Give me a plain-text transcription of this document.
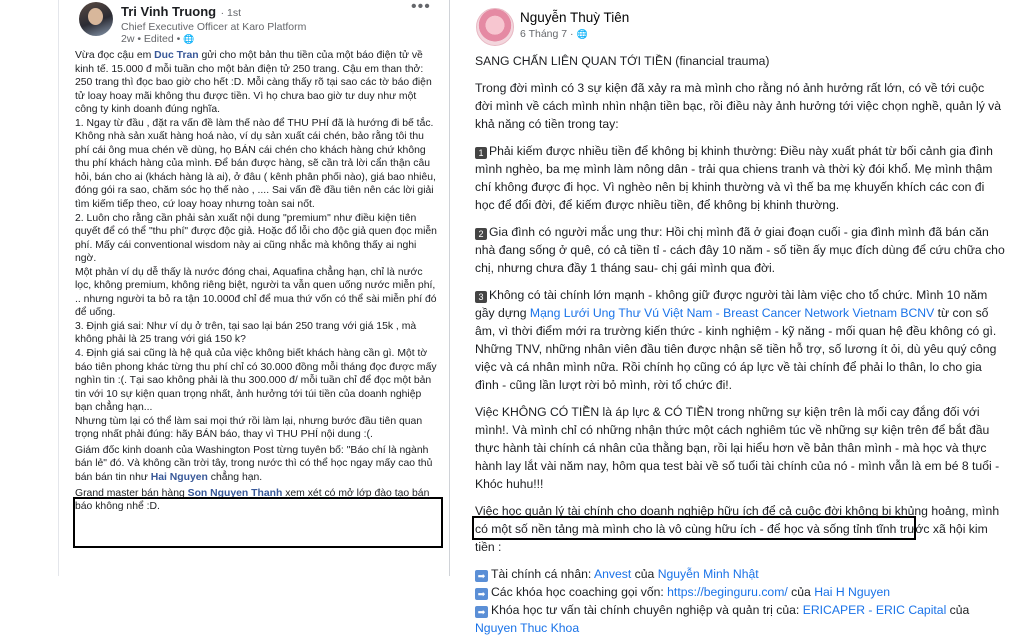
Tri Vinh Truong · 1st
Chief Executive Officer at Karo Platform
2w • Edited • 🌐
•••

Vừa đọc cậu em Duc Tran gửi cho một bản thu tiền của một báo điện tử về kinh tế. 15.000 đ mỗi tuần cho một bản điện tử 250 trang. Cậu em than thở: 250 trang thì đọc bao giờ cho hết :D. Mỗi càng thấy rõ tại sao các tờ báo điện tử loay hoay mãi không thu được tiền. Vì họ chưa bao giờ tư duy như một công ty kinh doanh đúng nghĩa.

1. Ngay từ đầu , đặt ra vấn đề làm thế nào để THU PHÍ đã là hướng đi bế tắc. Không nhà sản xuất hàng hoá nào, ví dụ sản xuất cái chén, bảo rằng tôi thu phí cái ông mua chén về dùng, họ BÁN cái chén cho khách hàng chứ không thu phí khách hàng của mình. Để bán được hàng, sẽ cần trả lời cẩn thận câu hỏi, bán cho ai (khách hàng là ai), ở đâu ( kênh phân phối nào), giá bao nhiêu, đóng gói ra sao, chăm sóc họ thế nào , .... Sai vấn đề đầu tiên nên các lời giải tìm kiếm tiếp theo, cứ loay hoay nhưng toàn sai nốt.

2. Luôn cho rằng cần phải sản xuất nội dung "premium" như điều kiện tiên quyết để có thể "thu phí" được độc giả. Hoặc đổ lỗi cho độc giả quen đọc miễn phí. Mấy cái conventional wisdom này ai cũng nhắc mà không thấy ai nghi ngờ.

Một phản ví dụ dễ thấy là nước đóng chai, Aquafina chẳng hạn, chỉ là nước lọc, không premium, không riêng biệt, người ta vẫn quen uống nước miễn phí, .. nhưng người ta bỏ ra tận 10.000đ chỉ để mua thứ vốn có thể sài miễn phí đó để uống.

3. Định giá sai: Như ví dụ ở trên, tại sao lại bán 250 trang với giá 15k , mà không phải là 25 trang với giá 150 k?

4. Định giá sai cũng là hệ quả của việc không biết khách hàng cần gì. Một tờ báo tiên phong khác từng thu phí chỉ có 30.000 đồng mỗi tháng đọc được mấy nghìn tin :(. Tại sao không phải là thu 300.000 đ/ mỗi tuần chỉ để đọc một bản tin với 10 sự kiện quan trọng nhất, ảnh hưởng tới túi tiền của doanh nghiệp bạn chẳng hạn...

Nhưng tùm lại có thể làm sai mọi thứ rồi làm lại, nhưng bước đầu tiên quan trọng nhất phải đúng: hãy BÁN báo, thay vì THU PHÍ nội dung :(.

Giám đốc kinh doanh của Washington Post từng tuyên bố: "Báo chí là ngành bán lẻ" đó. Và không cần trời tây, trong nước thì có thể học ngay mấy cao thủ bán bán tin như Hai Nguyen chẳng hạn.

Grand master bán hàng Son Nguyen Thanh xem xét có mở lớp đào tạo bán báo không nhể :D.

Nguyễn Thuỳ Tiên
6 Tháng 7 · 🌐

SANG CHẤN LIÊN QUAN TỚI TIỀN (financial trauma)

Trong đời mình có 3 sự kiện đã xảy ra mà mình cho rằng nó ảnh hưởng rất lớn, có về tới cuộc đời mình về cách mình nhìn nhận tiền bạc, rồi điều này ảnh hưởng tới việc chọn nghề, quản lý và khả năng có tiền trong tay:

1 Phải kiếm được nhiều tiền để không bị khinh thường: Điều này xuất phát từ bối cảnh gia đình mình nghèo, ba mẹ mình làm nông dân - trải qua chiens tranh và thời kỳ đói khổ. Mẹ mình thậm chí không được đi học. Vì nghèo nên bị khinh thường và vì thế ba mẹ khuyến khích các con đi học để đổi đời, để kiếm được nhiều tiền, để không bị khinh thường.

2 Gia đình có người mắc ung thư: Hồi chị mình đã ở giai đoạn cuối - gia đình mình đã bán căn nhà đang sống ở quê, có cả tiền tỉ - cách đây 10 năm - số tiền ấy mục đích dùng để cứu chữa cho chị, nhưng chưa đầy 1 tháng sau- chị gái mình qua đời.

3 Không có tài chính lớn mạnh - không giữ được người tài làm việc cho tổ chức. Mình 10 năm gầy dựng Mạng Lưới Ung Thư Vú Việt Nam - Breast Cancer Network Vietnam BCNV từ con số âm, vì thời điểm mới ra trường kiến thức - kinh nghiệm - kỹ năng - mối quan hệ đều không có gì. Những TNV, những nhân viên đầu tiên được nhận sẽ tiền hỗ trợ, số lương ít ỏi, dù yêu quý công việc và cá nhân mình nữa. Rồi chính họ cũng có áp lực về tài chính để phải lo thân, lo cho gia đình - cũng lần lượt rời bỏ mình, rời tổ chức đi!.

Việc KHÔNG CÓ TIỀN là áp lực & CÓ TIỀN trong những sự kiện trên là mối cay đắng đối với mình!. Và mình chỉ có những nhận thức một cách nghiêm túc về những sự kiện trên để bắt đầu thực hành tài chính cá nhân của thằng bạn, rồi lại hiểu hơn về bản thân mình - mà học và thực hành lay lắt vài năm nay, hôm qua test bài về số tuổi tài chính của nó - mình vẫn là em bé 8 tuổi - Khóc huhu!!!

Việc học quản lý tài chính cho doanh nghiệp hữu ích để cả cuộc đời không bị khủng hoảng, mình có một số nền tảng mà mình cho là vô cùng hữu ích - để học và sống tỉnh tĩnh trước xã hội kim tiền :

➡ Tài chính cá nhân: Anvest của Nguyễn Minh Nhật
➡ Các khóa học coaching gọi vốn: https://beginguru.com/ của Hai H Nguyen
➡ Khóa học tư vấn tài chính chuyên nghiệp và quản trị của: ERICAPER - ERIC Capital của
Nguyen Thuc Khoa
